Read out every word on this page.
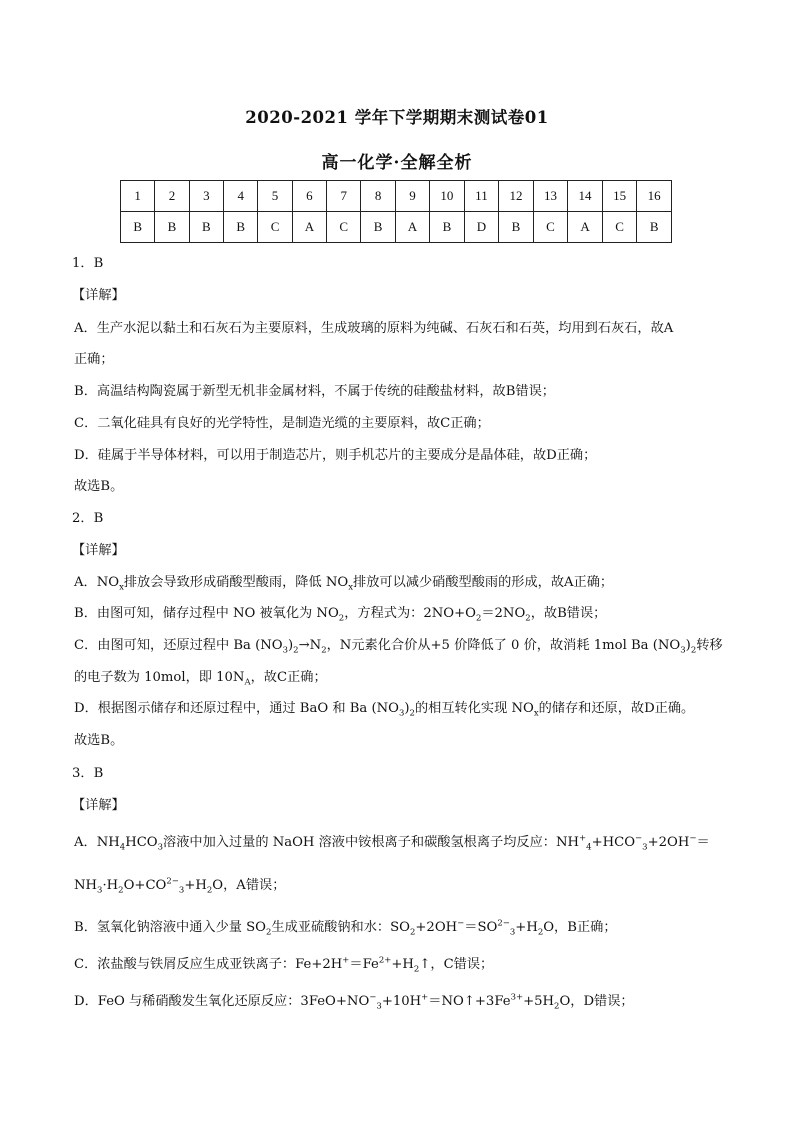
2020-2021 学年下学期期末测试卷01
高一化学·全解全析
1	2	3	4	5	6	7	8	9	10	11	12	13	14	15	16
B	B	B	B	C	A	C	B	A	B	D	B	C	A	C	B
1．B
【详解】
A．生产水泥以黏土和石灰石为主要原料，生成玻璃的原料为纯碱、石灰石和石英，均用到石灰石，故A
正确；
B．高温结构陶瓷属于新型无机非金属材料，不属于传统的硅酸盐材料，故B错误；
C．二氧化硅具有良好的光学特性，是制造光缆的主要原料，故C正确；
D．硅属于半导体材料，可以用于制造芯片，则手机芯片的主要成分是晶体硅，故D正确；
故选B。
2．B
【详解】
A．$NO_x$排放会导致形成硝酸型酸雨，降低 $NO_x$排放可以减少硝酸型酸雨的形成，故A正确；
B．由图可知，储存过程中 NO 被氧化为 $NO_2$，方程式为：$2NO+O_2=2NO_2$，故B错误；
C．由图可知，还原过程中 Ba $(NO_3)_2\to N_2$，N元素化合价从+5 价降低了 0 价，故消耗 1mol Ba $(NO_3)_2$转移
的电子数为 10mol，即 $10N_A$，故C正确；
D．根据图示储存和还原过程中，通过 BaO 和 Ba $(NO_3)_2$的相互转化实现 $NO_x$的储存和还原，故D正确。
故选B。
3．B
【详解】
A．$NH_4HCO_3$溶液中加入过量的 NaOH 溶液中铵根离子和碳酸氢根离子均反应：$NH^+_4+HCO^-_3+2OH^-=$
$NH_3\cdot H_2O+CO^{2-}_3+H_2O$，A错误；
B．氢氧化钠溶液中通入少量 $SO_2$生成亚硫酸钠和水：$SO_2+2OH^-=SO^{2-}_3+H_2O$，B正确；
C．浓盐酸与铁屑反应生成亚铁离子：$Fe+2H^+=Fe^{2+}+H_2↑$，C错误；
D．FeO 与稀硝酸发生氧化还原反应：$3FeO+NO^-_3+10H^+=NO↑+3Fe^{3+}+5H_2O$，D错误；
